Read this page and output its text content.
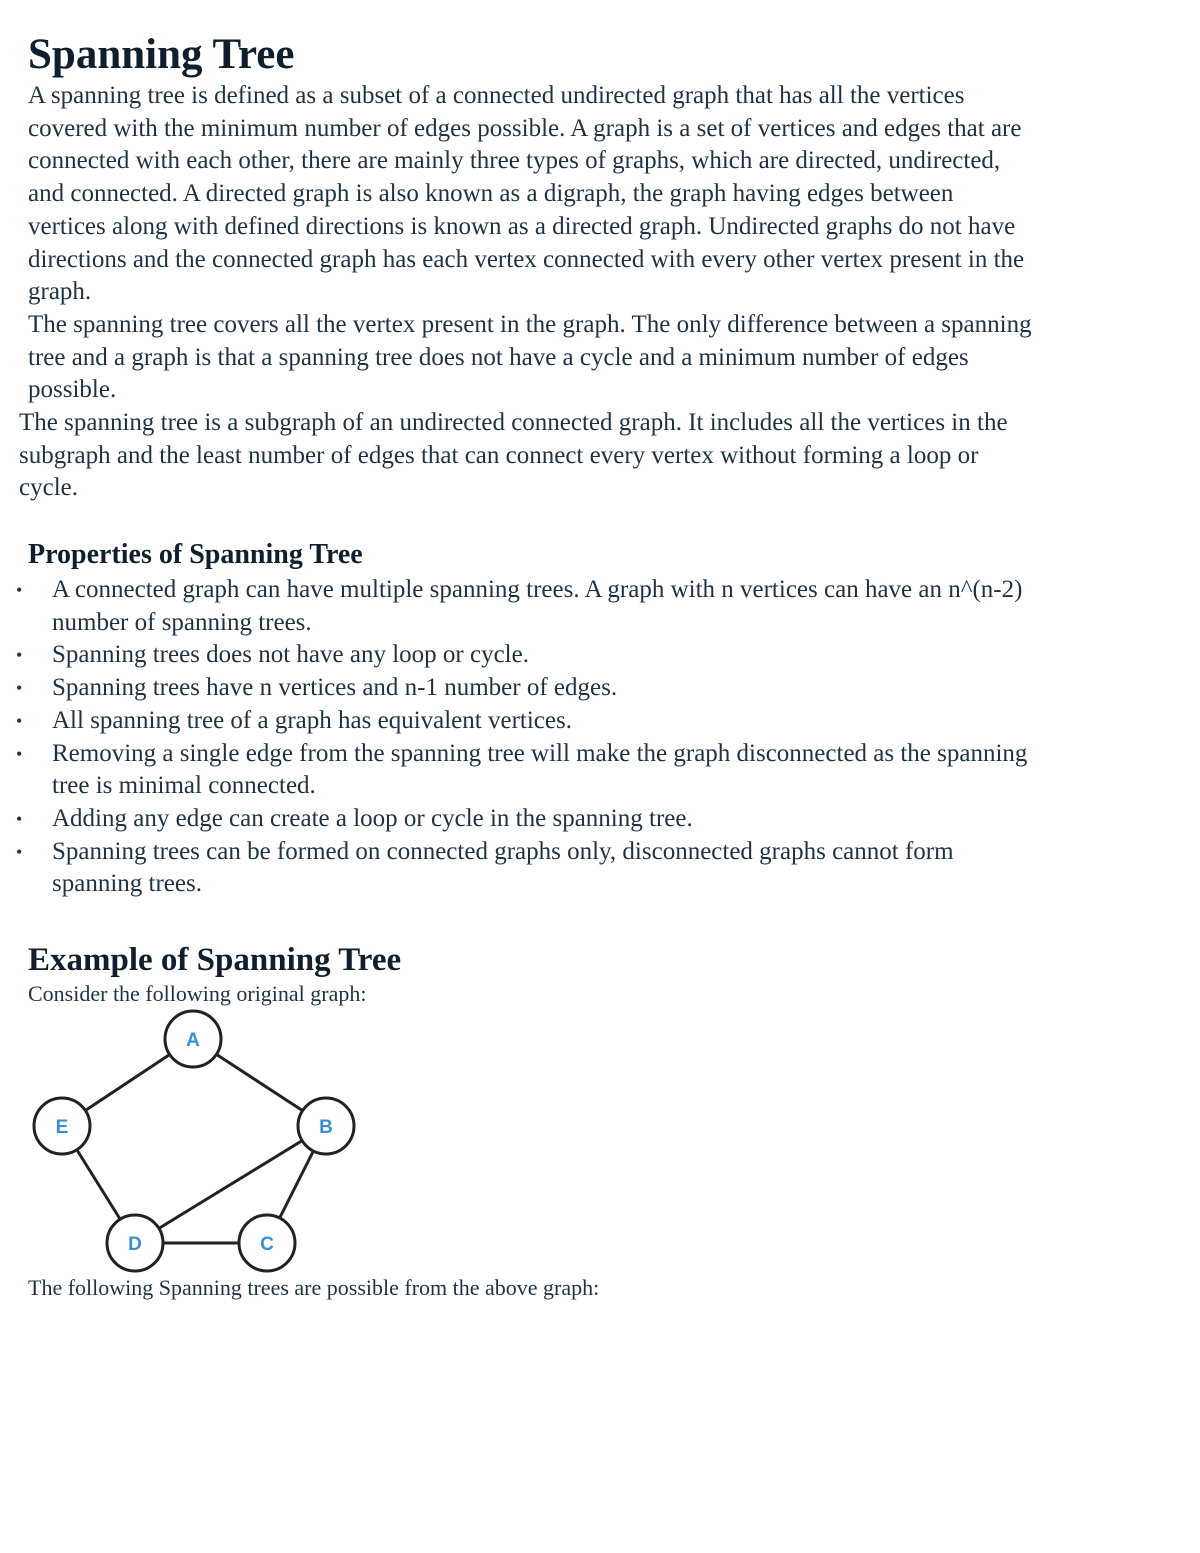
Spanning Tree

A spanning tree is defined as a subset of a connected undirected graph that has all the vertices
covered with the minimum number of edges possible. A graph is a set of vertices and edges that are
connected with each other, there are mainly three types of graphs, which are directed, undirected,
and connected. A directed graph is also known as a digraph, the graph having edges between
vertices along with defined directions is known as a directed graph. Undirected graphs do not have
directions and the connected graph has each vertex connected with every other vertex present in the
graph.

The spanning tree covers all the vertex present in the graph. The only difference between a spanning
tree and a graph is that a spanning tree does not have a cycle and a minimum number of edges
possible.

The spanning tree is a subgraph of an undirected connected graph. It includes all the vertices in the
subgraph and the least number of edges that can connect every vertex without forming a loop or
cycle.

Properties of Spanning Tree
• A connected graph can have multiple spanning trees. A graph with n vertices can have an n^(n-2)
number of spanning trees.
• Spanning trees does not have any loop or cycle.
• Spanning trees have n vertices and n-1 number of edges.
• All spanning tree of a graph has equivalent vertices.
• Removing a single edge from the spanning tree will make the graph disconnected as the spanning
tree is minimal connected.
• Adding any edge can create a loop or cycle in the spanning tree.
• Spanning trees can be formed on connected graphs only, disconnected graphs cannot form
spanning trees.
Example of Spanning Tree

Consider the following original graph:

A
B
C
D
E

The following Spanning trees are possible from the above graph:
